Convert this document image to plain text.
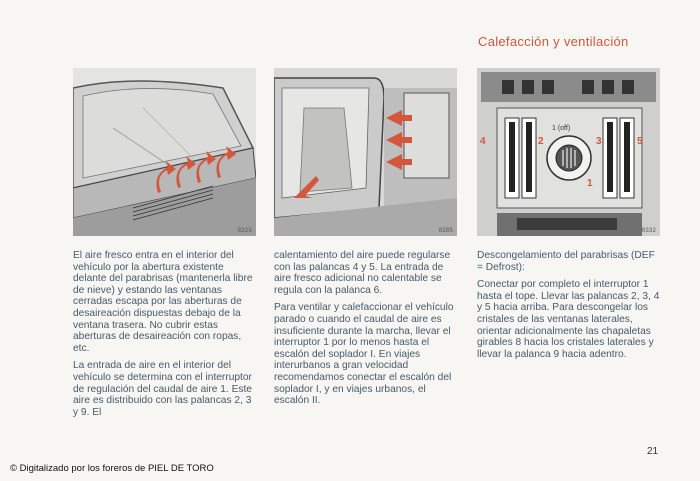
Calefacción y ventilación
8225	8285
4	2	3	5
1
1 (off)
8332

El aire fresco entra en el interior del vehículo por la abertura existente delante del parabrisas (mantenerla libre de nieve) y estando las ventanas cerradas escapa por las aberturas de desaireación dispuestas debajo de la ventana trasera. No cubrir estas aberturas de desaireación con ropas, etc.

La entrada de aire en el interior del vehículo se determina con el interruptor de regulación del caudal de aire 1. Este aire es distribuido con las palancas 2, 3 y 9. El

calentamiento del aire puede regularse con las palancas 4 y 5. La entrada de aire fresco adicional no calentable se regula con la palanca 6.

Para ventilar y calefaccionar el vehículo parado o cuando el caudal de aire es insuficiente durante la marcha, llevar el interruptor 1 por lo menos hasta el escalón del soplador I. En viajes interurbanos a gran velocidad recomendamos conectar el escalón del soplador I, y en viajes urbanos, el escalón II.

Descongelamiento del parabrisas (DEF = Defrost):

Conectar por completo el interruptor 1 hasta el tope. Llevar las palancas 2, 3, 4 y 5 hacia arriba. Para descongelar los cristales de las ventanas laterales, orientar adicionalmente las chapaletas girables 8 hacia los cristales laterales y llevar la palanca 9 hacia adentro.

21
© Digitalizado por los foreros de PIEL DE TORO
